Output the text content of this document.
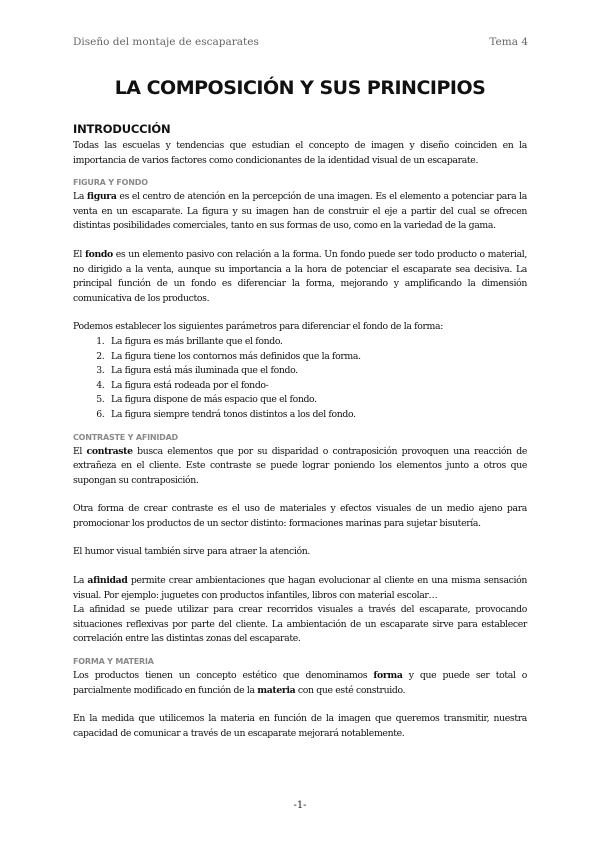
Diseño del montaje de escaparates	Tema 4
LA COMPOSICIÓN Y SUS PRINCIPIOS
INTRODUCCIÓN

Todas las escuelas y tendencias que estudian el concepto de imagen y diseño coinciden en la importancia de varios factores como condicionantes de la identidad visual de un escaparate.

FIGURA Y FONDO

La figura es el centro de atención en la percepción de una imagen. Es el elemento a potenciar para la venta en un escaparate. La figura y su imagen han de construir el eje a partir del cual se ofrecen distintas posibilidades comerciales, tanto en sus formas de uso, como en la variedad de la gama.

El fondo es un elemento pasivo con relación a la forma. Un fondo puede ser todo producto o material, no dirigido a la venta, aunque su importancia a la hora de potenciar el escaparate sea decisiva. La principal función de un fondo es diferenciar la forma, mejorando y amplificando la dimensión comunicativa de los productos.

Podemos establecer los siguientes parámetros para diferenciar el fondo de la forma:

1. La figura es más brillante que el fondo.
2. La figura tiene los contornos más definidos que la forma.
3. La figura está más iluminada que el fondo.
4. La figura está rodeada por el fondo-
5. La figura dispone de más espacio que el fondo.
6. La figura siempre tendrá tonos distintos a los del fondo.
CONTRASTE Y AFINIDAD

El contraste busca elementos que por su disparidad o contraposición provoquen una reacción de extrañeza en el cliente. Este contraste se puede lograr poniendo los elementos junto a otros que supongan su contraposición.

Otra forma de crear contraste es el uso de materiales y efectos visuales de un medio ajeno para promocionar los productos de un sector distinto: formaciones marinas para sujetar bisutería.

El humor visual también sirve para atraer la atención.

La afinidad permite crear ambientaciones que hagan evolucionar al cliente en una misma sensación visual. Por ejemplo: juguetes con productos infantiles, libros con material escolar…

La afinidad se puede utilizar para crear recorridos visuales a través del escaparate, provocando situaciones reflexivas por parte del cliente. La ambientación de un escaparate sirve para establecer correlación entre las distintas zonas del escaparate.

FORMA Y MATERIA

Los productos tienen un concepto estético que denominamos forma y que puede ser total o parcialmente modificado en función de la materia con que esté construido.

En la medida que utilicemos la materia en función de la imagen que queremos transmitir, nuestra capacidad de comunicar a través de un escaparate mejorará notablemente.

-1-
